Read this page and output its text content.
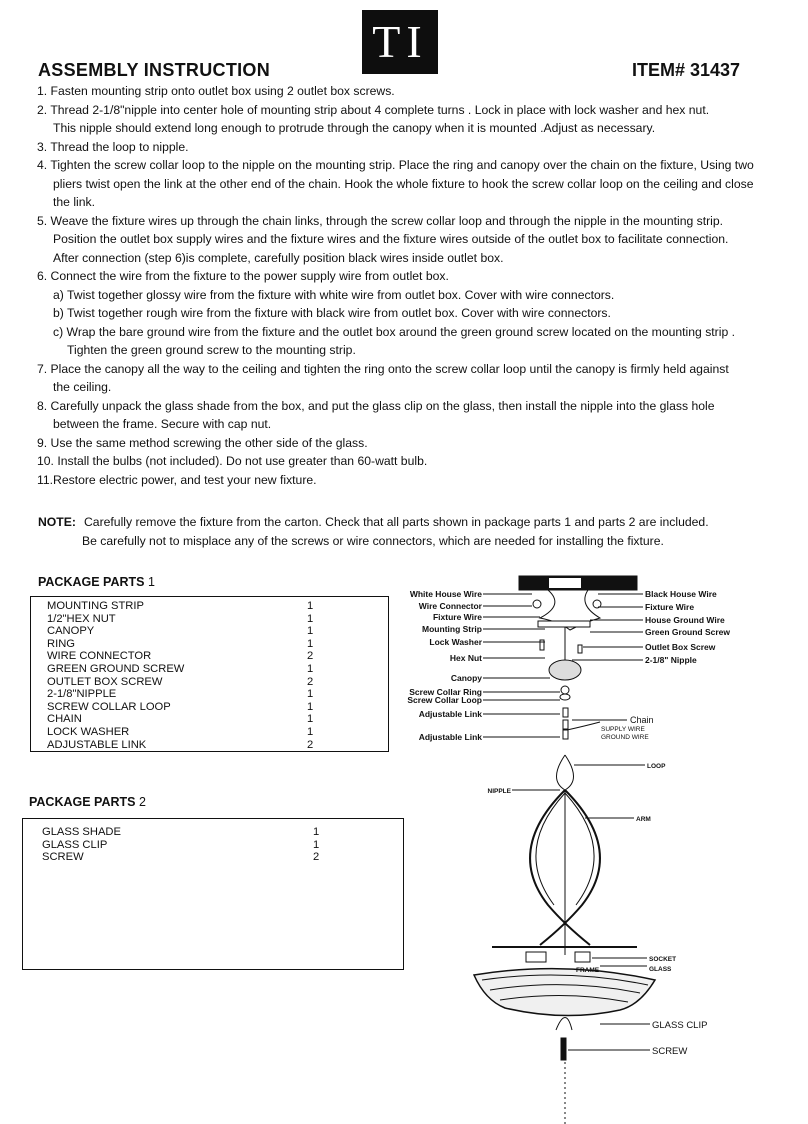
TI
ASSEMBLY INSTRUCTION	ITEM# 31437
1. Fasten mounting strip onto outlet box using 2 outlet box screws.
2. Thread 2-1/8"nipple into center hole of mounting strip about 4 complete turns . Lock in place with lock washer and hex nut.
This nipple should extend long enough to protrude through the canopy when it is mounted .Adjust as necessary.
3. Thread the loop to nipple.
4. Tighten the screw collar loop to the nipple on the mounting strip. Place the ring and canopy over the chain on the fixture, Using two
pliers twist open the link at the other end of the chain. Hook the whole fixture to hook the screw collar loop on the ceiling and close
the link.
5. Weave the fixture wires up through the chain links, through the screw collar loop and through the nipple in the mounting strip.
Position the outlet box supply wires and the fixture wires and the fixture wires outside of the outlet box to facilitate connection.
After connection (step 6)is complete, carefully position black wires inside outlet box.
6. Connect the wire from the fixture to the power supply wire from outlet box.
a) Twist together glossy wire from the fixture with white wire from outlet box. Cover with wire connectors.
b) Twist together rough wire from the fixture with black wire from outlet box. Cover with wire connectors.
c) Wrap the bare ground wire from the fixture and the outlet box around the green ground screw located on the mounting strip .
Tighten the green ground screw to the mounting strip.
7. Place the canopy all the way to the ceiling and tighten the ring onto the screw collar loop until the canopy is firmly held against
the ceiling.
8. Carefully unpack the glass shade from the box, and put the glass clip on the glass, then install the nipple into the glass hole
between the frame. Secure with cap nut.
9. Use the same method screwing the other side of the glass.
10. Install the bulbs (not included). Do not use greater than 60-watt bulb.
11.Restore electric power, and test your new fixture.
NOTE: Carefully remove the fixture from the carton. Check that all parts shown in package parts 1 and parts 2 are included.
Be carefully not to misplace any of the screws or wire connectors, which are needed for installing the fixture.
PACKAGE PARTS 1
MOUNTING STRIP	1
1/2"HEX NUT	1
CANOPY	1
RING	1
WIRE CONNECTOR	2
GREEN GROUND SCREW	1
OUTLET BOX SCREW	2
2-1/8"NIPPLE	1
SCREW COLLAR LOOP	1
CHAIN	1
LOCK WASHER	1
ADJUSTABLE LINK	2
PACKAGE PARTS 2
GLASS SHADE	1
GLASS CLIP	1
SCREW	2
White House Wire
Wire Connector
Fixture Wire
Mounting Strip
Lock Washer
Hex Nut
Canopy
Screw Collar Ring
Screw Collar Loop
Adjustable Link
Adjustable Link
Black House Wire
Fixture Wire
House Ground Wire
Green Ground Screw
Outlet Box Screw
2-1/8" Nipple
Chain
SUPPLY WIRE
GROUND WIRE
LOOP
NIPPLE
ARM
SOCKET
FRAME	GLASS
GLASS CLIP
SCREW
